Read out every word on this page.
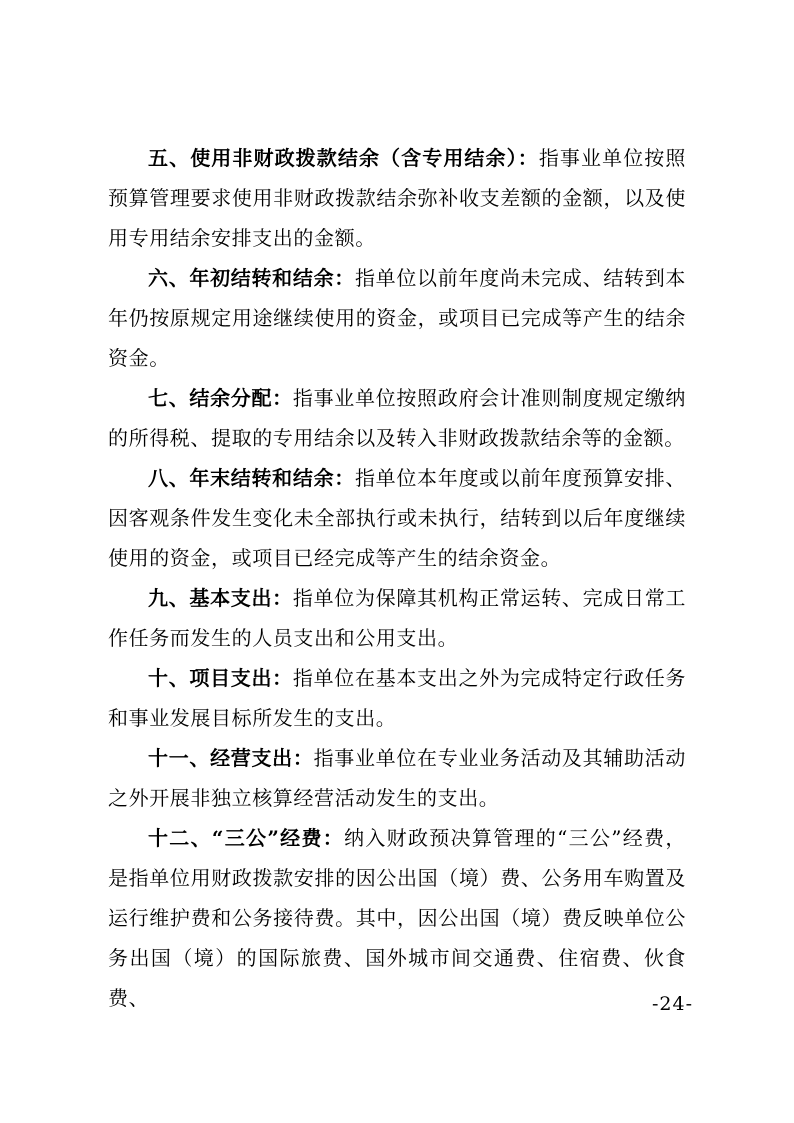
五、使用非财政拨款结余（含专用结余）：指事业单位按照预算管理要求使用非财政拨款结余弥补收支差额的金额，以及使用专用结余安排支出的金额。

六、年初结转和结余：指单位以前年度尚未完成、结转到本年仍按原规定用途继续使用的资金，或项目已完成等产生的结余资金。

七、结余分配：指事业单位按照政府会计准则制度规定缴纳的所得税、提取的专用结余以及转入非财政拨款结余等的金额。

八、年末结转和结余：指单位本年度或以前年度预算安排、因客观条件发生变化未全部执行或未执行，结转到以后年度继续使用的资金，或项目已经完成等产生的结余资金。

九、基本支出：指单位为保障其机构正常运转、完成日常工作任务而发生的人员支出和公用支出。

十、项目支出：指单位在基本支出之外为完成特定行政任务和事业发展目标所发生的支出。

十一、经营支出：指事业单位在专业业务活动及其辅助活动之外开展非独立核算经营活动发生的支出。

十二、“三公”经费：纳入财政预决算管理的“三公”经费，是指单位用财政拨款安排的因公出国（境）费、公务用车购置及运行维护费和公务接待费。其中，因公出国（境）费反映单位公务出国（境）的国际旅费、国外城市间交通费、住宿费、伙食费、	-24-
